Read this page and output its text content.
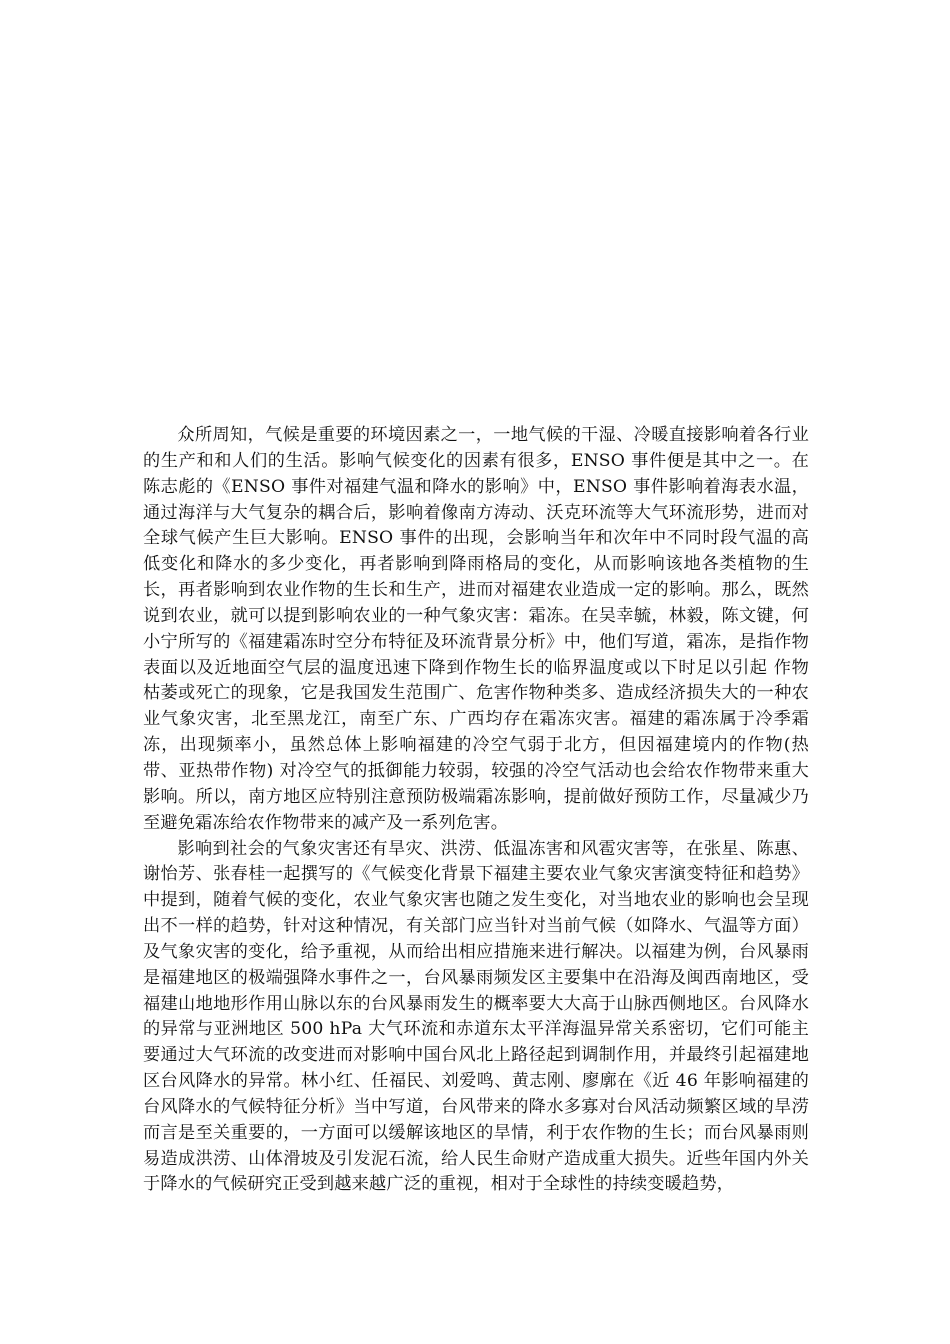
众所周知，气候是重要的环境因素之一，一地气候的干湿、冷暖直接影响着各行业的生产和和人们的生活。影响气候变化的因素有很多，ENSO 事件便是其中之一。在陈志彪的《ENSO 事件对福建气温和降水的影响》中，ENSO 事件影响着海表水温，通过海洋与大气复杂的耦合后，影响着像南方涛动、沃克环流等大气环流形势，进而对全球气候产生巨大影响。ENSO 事件的出现，会影响当年和次年中不同时段气温的高低变化和降水的多少变化，再者影响到降雨格局的变化，从而影响该地各类植物的生长，再者影响到农业作物的生长和生产，进而对福建农业造成一定的影响。那么，既然说到农业，就可以提到影响农业的一种气象灾害：霜冻。在吴幸毓，林毅，陈文键，何小宁所写的《福建霜冻时空分布特征及环流背景分析》中，他们写道，霜冻，是指作物表面以及近地面空气层的温度迅速下降到作物生长的临界温度或以下时足以引起 作物枯萎或死亡的现象，它是我国发生范围广、危害作物种类多、造成经济损失大的一种农业气象灾害，北至黑龙江，南至广东、广西均存在霜冻灾害。福建的霜冻属于冷季霜冻，出现频率小，虽然总体上影响福建的冷空气弱于北方，但因福建境内的作物(热带、亚热带作物) 对冷空气的抵御能力较弱，较强的冷空气活动也会给农作物带来重大影响。所以，南方地区应特别注意预防极端霜冻影响，提前做好预防工作，尽量减少乃至避免霜冻给农作物带来的减产及一系列危害。

影响到社会的气象灾害还有旱灾、洪涝、低温冻害和风雹灾害等，在张星、陈惠、谢怡芳、张春桂一起撰写的《气候变化背景下福建主要农业气象灾害演变特征和趋势》中提到，随着气候的变化，农业气象灾害也随之发生变化，对当地农业的影响也会呈现出不一样的趋势，针对这种情况，有关部门应当针对当前气候（如降水、气温等方面）及气象灾害的变化，给予重视，从而给出相应措施来进行解决。以福建为例，台风暴雨是福建地区的极端强降水事件之一，台风暴雨频发区主要集中在沿海及闽西南地区，受福建山地地形作用山脉以东的台风暴雨发生的概率要大大高于山脉西侧地区。台风降水的异常与亚洲地区 500 hPa 大气环流和赤道东太平洋海温异常关系密切，它们可能主要通过大气环流的改变进而对影响中国台风北上路径起到调制作用，并最终引起福建地区台风降水的异常。林小红、任福民、刘爱鸣、黄志刚、廖廓在《近 46 年影响福建的台风降水的气候特征分析》当中写道，台风带来的降水多寡对台风活动频繁区域的旱涝而言是至关重要的，一方面可以缓解该地区的旱情，利于农作物的生长；而台风暴雨则易造成洪涝、山体滑坡及引发泥石流，给人民生命财产造成重大损失。近些年国内外关于降水的气候研究正受到越来越广泛的重视，相对于全球性的持续变暖趋势，
